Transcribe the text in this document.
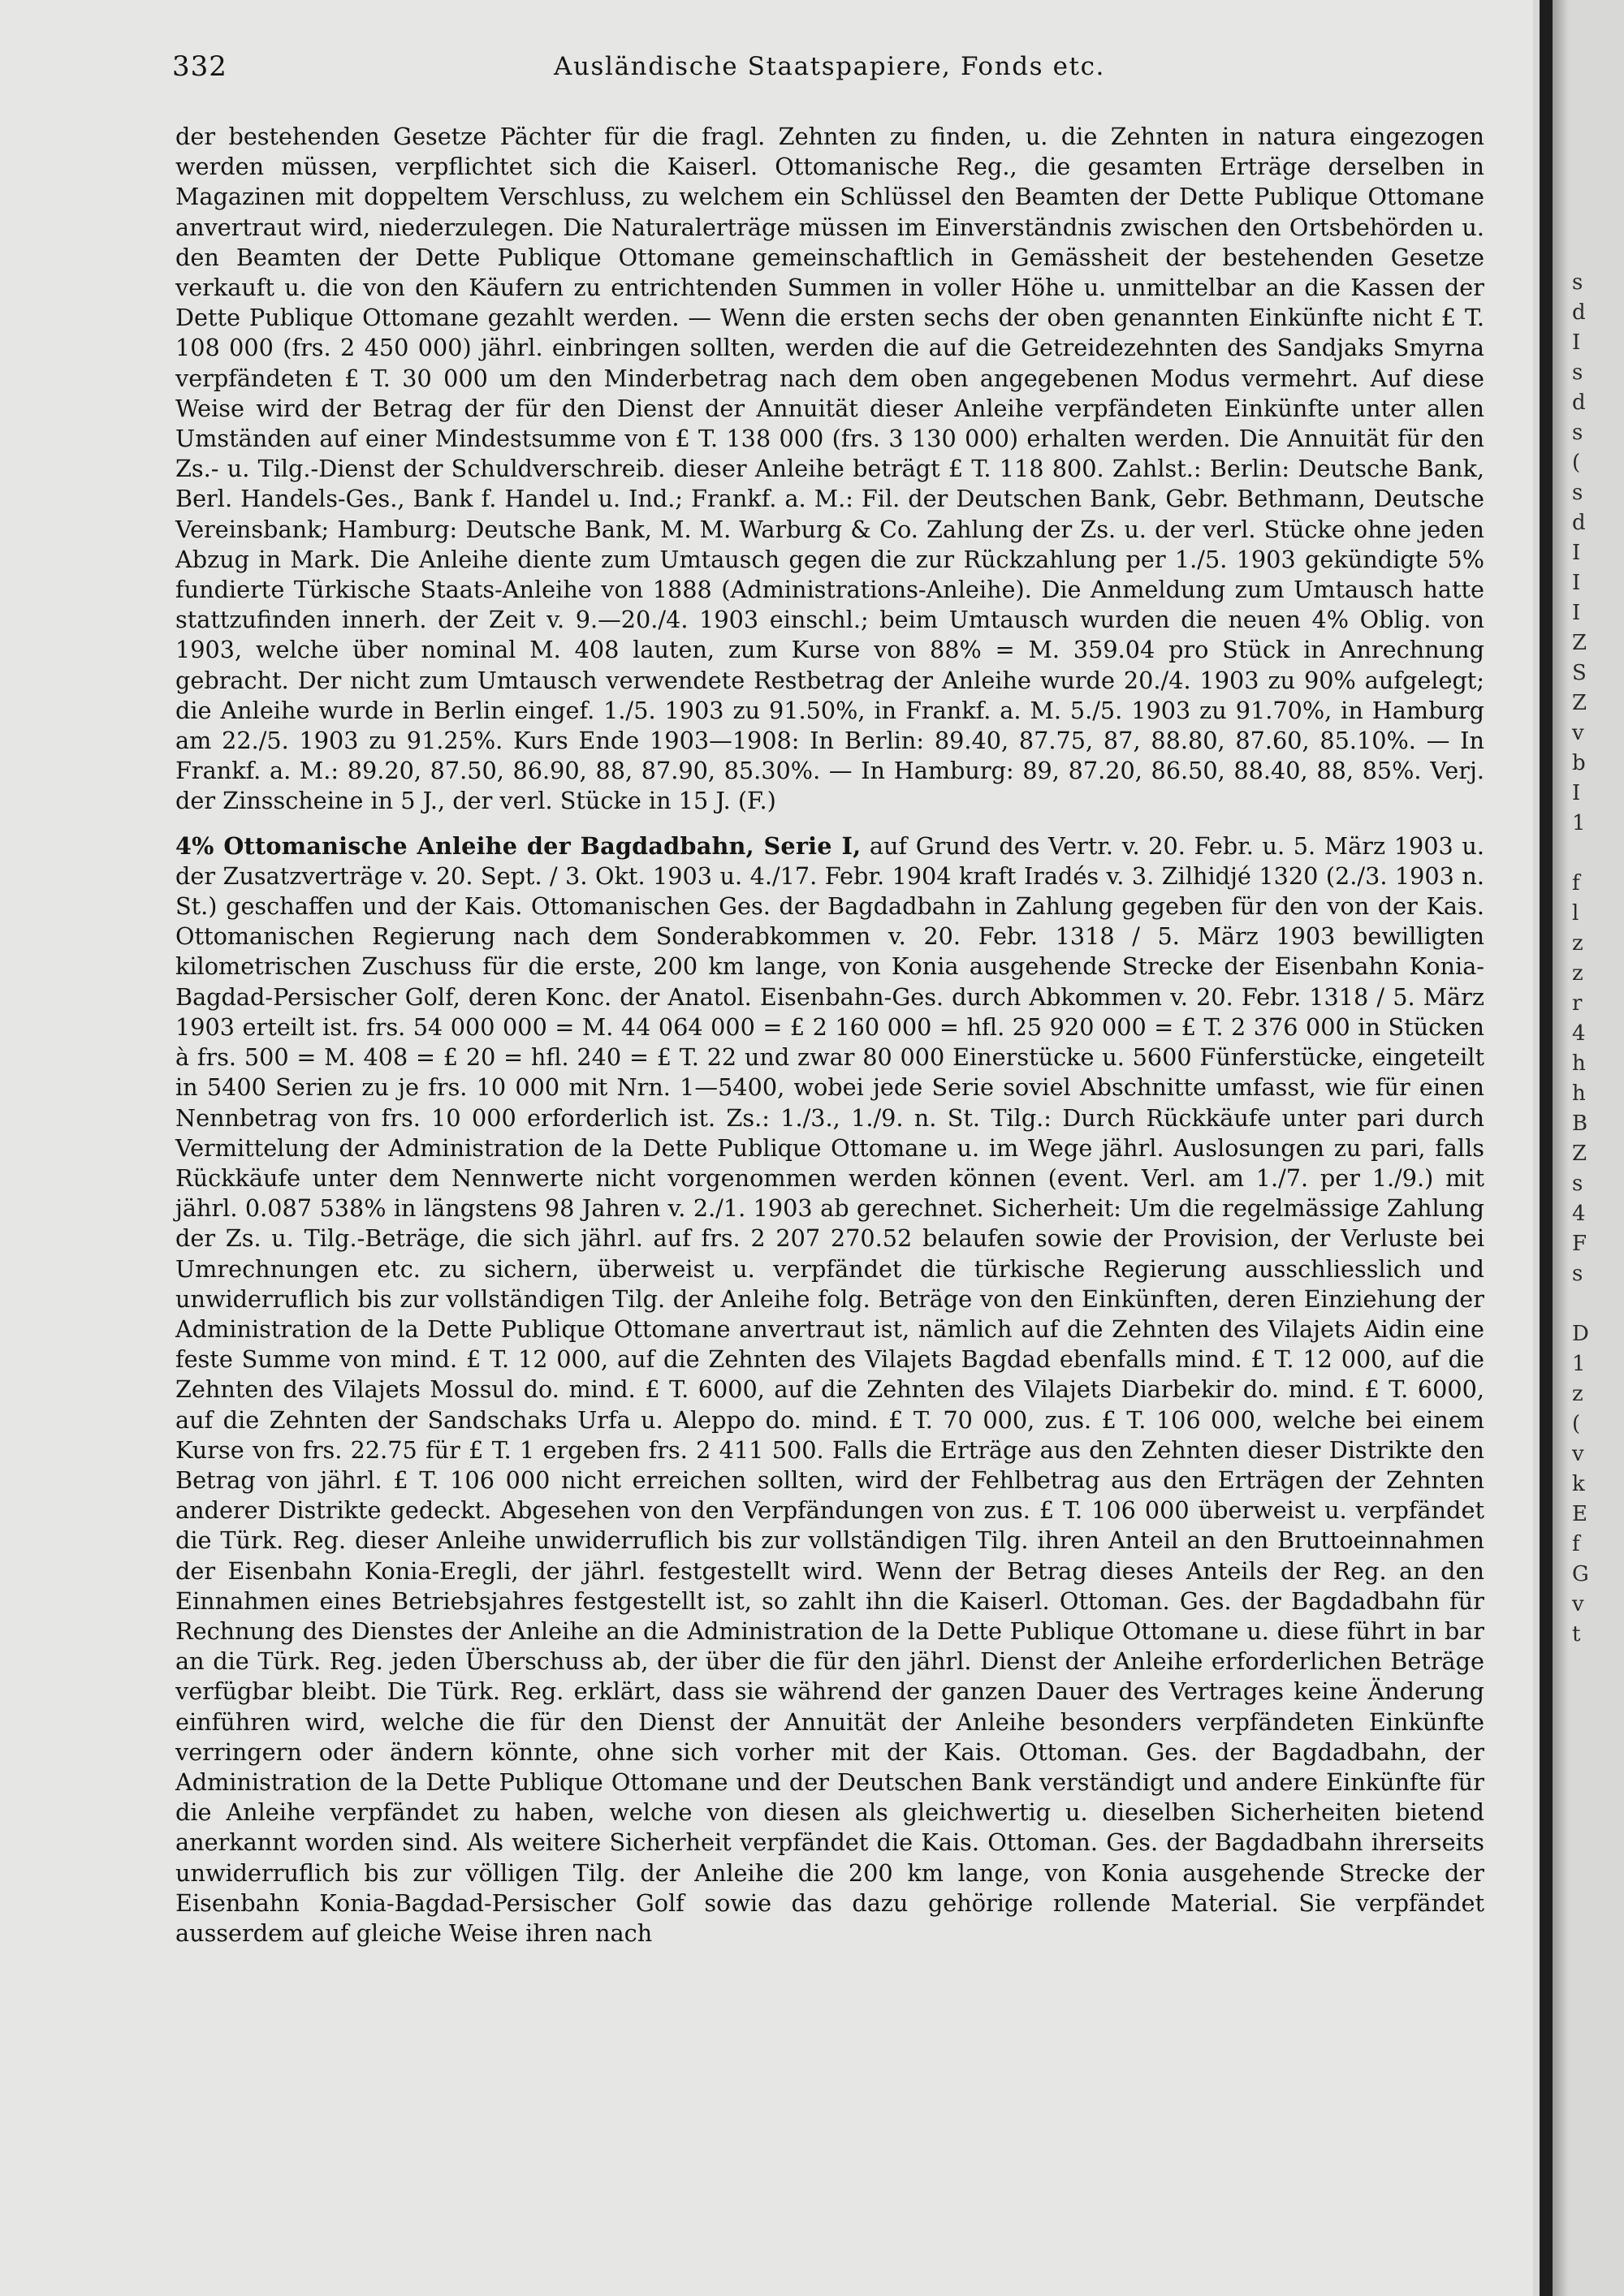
332	Ausländische Staatspapiere, Fonds etc.

der bestehenden Gesetze Pächter für die fragl. Zehnten zu finden, u. die Zehnten in natura eingezogen werden müssen, verpflichtet sich die Kaiserl. Ottomanische Reg., die gesamten Erträge derselben in Magazinen mit doppeltem Verschluss, zu welchem ein Schlüssel den Beamten der Dette Publique Ottomane anvertraut wird, niederzulegen. Die Naturalerträge müssen im Einverständnis zwischen den Ortsbehörden u. den Beamten der Dette Publique Ottomane gemeinschaftlich in Gemässheit der bestehenden Gesetze verkauft u. die von den Käufern zu entrichtenden Summen in voller Höhe u. unmittelbar an die Kassen der Dette Publique Ottomane gezahlt werden. — Wenn die ersten sechs der oben genannten Einkünfte nicht £ T. 108 000 (frs. 2 450 000) jährl. einbringen sollten, werden die auf die Getreidezehnten des Sandjaks Smyrna verpfändeten £ T. 30 000 um den Minderbetrag nach dem oben angegebenen Modus vermehrt. Auf diese Weise wird der Betrag der für den Dienst der Annuität dieser Anleihe verpfändeten Einkünfte unter allen Umständen auf einer Mindestsumme von £ T. 138 000 (frs. 3 130 000) erhalten werden. Die Annuität für den Zs.- u. Tilg.-Dienst der Schuldverschreib. dieser Anleihe beträgt £ T. 118 800. Zahlst.: Berlin: Deutsche Bank, Berl. Handels-Ges., Bank f. Handel u. Ind.; Frankf. a. M.: Fil. der Deutschen Bank, Gebr. Bethmann, Deutsche Vereinsbank; Hamburg: Deutsche Bank, M. M. Warburg & Co. Zahlung der Zs. u. der verl. Stücke ohne jeden Abzug in Mark. Die Anleihe diente zum Umtausch gegen die zur Rückzahlung per 1./5. 1903 gekündigte 5% fundierte Türkische Staats-Anleihe von 1888 (Administrations-Anleihe). Die Anmeldung zum Umtausch hatte stattzufinden innerh. der Zeit v. 9.—20./4. 1903 einschl.; beim Umtausch wurden die neuen 4% Oblig. von 1903, welche über nominal M. 408 lauten, zum Kurse von 88% = M. 359.04 pro Stück in Anrechnung gebracht. Der nicht zum Umtausch verwendete Restbetrag der Anleihe wurde 20./4. 1903 zu 90% aufgelegt; die Anleihe wurde in Berlin eingef. 1./5. 1903 zu 91.50%, in Frankf. a. M. 5./5. 1903 zu 91.70%, in Hamburg am 22./5. 1903 zu 91.25%. Kurs Ende 1903—1908: In Berlin: 89.40, 87.75, 87, 88.80, 87.60, 85.10%. — In Frankf. a. M.: 89.20, 87.50, 86.90, 88, 87.90, 85.30%. — In Hamburg: 89, 87.20, 86.50, 88.40, 88, 85%. Verj. der Zinsscheine in 5 J., der verl. Stücke in 15 J. (F.)

4% Ottomanische Anleihe der Bagdadbahn, Serie I, auf Grund des Vertr. v. 20. Febr. u. 5. März 1903 u. der Zusatzverträge v. 20. Sept. / 3. Okt. 1903 u. 4./17. Febr. 1904 kraft Iradés v. 3. Zilhidjé 1320 (2./3. 1903 n. St.) geschaffen und der Kais. Ottomanischen Ges. der Bagdadbahn in Zahlung gegeben für den von der Kais. Ottomanischen Regierung nach dem Sonderabkommen v. 20. Febr. 1318 / 5. März 1903 bewilligten kilometrischen Zuschuss für die erste, 200 km lange, von Konia ausgehende Strecke der Eisenbahn Konia-Bagdad-Persischer Golf, deren Konc. der Anatol. Eisenbahn-Ges. durch Abkommen v. 20. Febr. 1318 / 5. März 1903 erteilt ist. frs. 54 000 000 = M. 44 064 000 = £ 2 160 000 = hfl. 25 920 000 = £ T. 2 376 000 in Stücken à frs. 500 = M. 408 = £ 20 = hfl. 240 = £ T. 22 und zwar 80 000 Einerstücke u. 5600 Fünferstücke, eingeteilt in 5400 Serien zu je frs. 10 000 mit Nrn. 1—5400, wobei jede Serie soviel Abschnitte umfasst, wie für einen Nennbetrag von frs. 10 000 erforderlich ist. Zs.: 1./3., 1./9. n. St. Tilg.: Durch Rückkäufe unter pari durch Vermittelung der Administration de la Dette Publique Ottomane u. im Wege jährl. Auslosungen zu pari, falls Rückkäufe unter dem Nennwerte nicht vorgenommen werden können (event. Verl. am 1./7. per 1./9.) mit jährl. 0.087 538% in längstens 98 Jahren v. 2./1. 1903 ab gerechnet. Sicherheit: Um die regelmässige Zahlung der Zs. u. Tilg.-Beträge, die sich jährl. auf frs. 2 207 270.52 belaufen sowie der Provision, der Verluste bei Umrechnungen etc. zu sichern, überweist u. verpfändet die türkische Regierung ausschliesslich und unwiderruflich bis zur vollständigen Tilg. der Anleihe folg. Beträge von den Einkünften, deren Einziehung der Administration de la Dette Publique Ottomane anvertraut ist, nämlich auf die Zehnten des Vilajets Aidin eine feste Summe von mind. £ T. 12 000, auf die Zehnten des Vilajets Bagdad ebenfalls mind. £ T. 12 000, auf die Zehnten des Vilajets Mossul do. mind. £ T. 6000, auf die Zehnten des Vilajets Diarbekir do. mind. £ T. 6000, auf die Zehnten der Sandschaks Urfa u. Aleppo do. mind. £ T. 70 000, zus. £ T. 106 000, welche bei einem Kurse von frs. 22.75 für £ T. 1 ergeben frs. 2 411 500. Falls die Erträge aus den Zehnten dieser Distrikte den Betrag von jährl. £ T. 106 000 nicht erreichen sollten, wird der Fehlbetrag aus den Erträgen der Zehnten anderer Distrikte gedeckt. Abgesehen von den Verpfändungen von zus. £ T. 106 000 überweist u. verpfändet die Türk. Reg. dieser Anleihe unwiderruflich bis zur vollständigen Tilg. ihren Anteil an den Bruttoeinnahmen der Eisenbahn Konia-Eregli, der jährl. festgestellt wird. Wenn der Betrag dieses Anteils der Reg. an den Einnahmen eines Betriebsjahres festgestellt ist, so zahlt ihn die Kaiserl. Ottoman. Ges. der Bagdadbahn für Rechnung des Dienstes der Anleihe an die Administration de la Dette Publique Ottomane u. diese führt in bar an die Türk. Reg. jeden Überschuss ab, der über die für den jährl. Dienst der Anleihe erforderlichen Beträge verfügbar bleibt. Die Türk. Reg. erklärt, dass sie während der ganzen Dauer des Vertrages keine Änderung einführen wird, welche die für den Dienst der Annuität der Anleihe besonders verpfändeten Einkünfte verringern oder ändern könnte, ohne sich vorher mit der Kais. Ottoman. Ges. der Bagdadbahn, der Administration de la Dette Publique Ottomane und der Deutschen Bank verständigt und andere Einkünfte für die Anleihe verpfändet zu haben, welche von diesen als gleichwertig u. dieselben Sicherheiten bietend anerkannt worden sind. Als weitere Sicherheit verpfändet die Kais. Ottoman. Ges. der Bagdadbahn ihrerseits unwiderruflich bis zur völligen Tilg. der Anleihe die 200 km lange, von Konia ausgehende Strecke der Eisenbahn Konia-Bagdad-Persischer Golf sowie das dazu gehörige rollende Material. Sie verpfändet ausserdem auf gleiche Weise ihren nach

s
d
I
s
d
s
(
s
d
I
I
I
Z
S
Z
v
b
I
1

f
l
z
z
r
4
h
h
B
Z
s
4
F
s

D
1
z
(
v
k
E
f
G
v
t
